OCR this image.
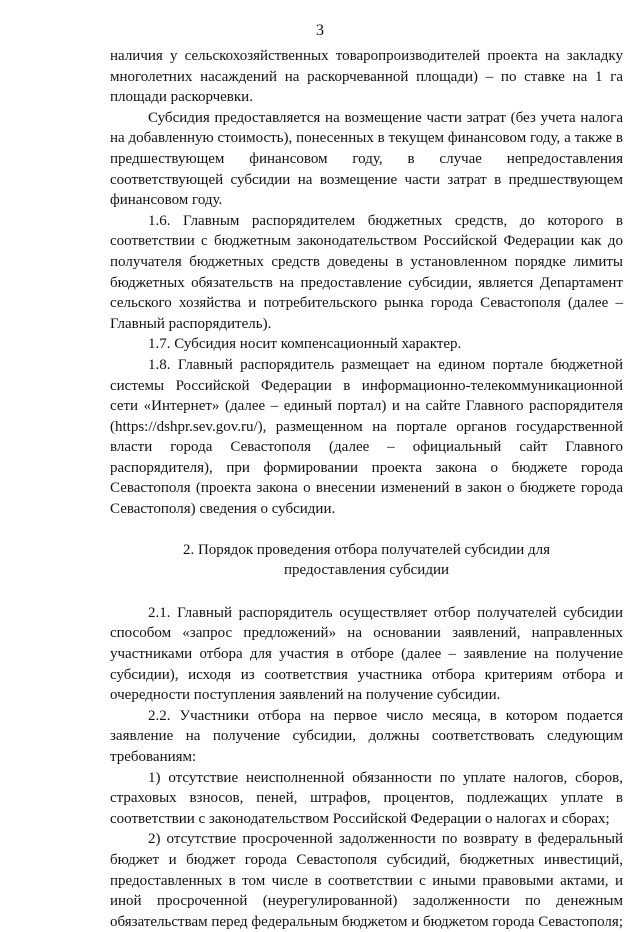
3

наличия у сельскохозяйственных товаропроизводителей проекта на закладку многолетних насаждений на раскорчеванной площади) – по ставке на 1 га площади раскорчевки.

Субсидия предоставляется на возмещение части затрат (без учета налога на добавленную стоимость), понесенных в текущем финансовом году, а также в предшествующем финансовом году, в случае непредоставления соответствующей субсидии на возмещение части затрат в предшествующем финансовом году.

1.6. Главным распорядителем бюджетных средств, до которого в соответствии с бюджетным законодательством Российской Федерации как до получателя бюджетных средств доведены в установленном порядке лимиты бюджетных обязательств на предоставление субсидии, является Департамент сельского хозяйства и потребительского рынка города Севастополя (далее – Главный распорядитель).

1.7. Субсидия носит компенсационный характер.

1.8. Главный распорядитель размещает на едином портале бюджетной системы Российской Федерации в информационно-телекоммуникационной сети «Интернет» (далее – единый портал) и на сайте Главного распорядителя (https://dshpr.sev.gov.ru/), размещенном на портале органов государственной власти города Севастополя (далее – официальный сайт Главного распорядителя), при формировании проекта закона о бюджете города Севастополя (проекта закона о внесении изменений в закон о бюджете города Севастополя) сведения о субсидии.

2. Порядок проведения отбора получателей субсидии для
предоставления субсидии

2.1. Главный распорядитель осуществляет отбор получателей субсидии способом «запрос предложений» на основании заявлений, направленных участниками отбора для участия в отборе (далее – заявление на получение субсидии), исходя из соответствия участника отбора критериям отбора и очередности поступления заявлений на получение субсидии.

2.2. Участники отбора на первое число месяца, в котором подается заявление на получение субсидии, должны соответствовать следующим требованиям:

1) отсутствие неисполненной обязанности по уплате налогов, сборов, страховых взносов, пеней, штрафов, процентов, подлежащих уплате в соответствии с законодательством Российской Федерации о налогах и сборах;

2) отсутствие просроченной задолженности по возврату в федеральный бюджет и бюджет города Севастополя субсидий, бюджетных инвестиций, предоставленных в том числе в соответствии с иными правовыми актами, и иной просроченной (неурегулированной) задолженности по денежным обязательствам перед федеральным бюджетом и бюджетом города Севастополя;
